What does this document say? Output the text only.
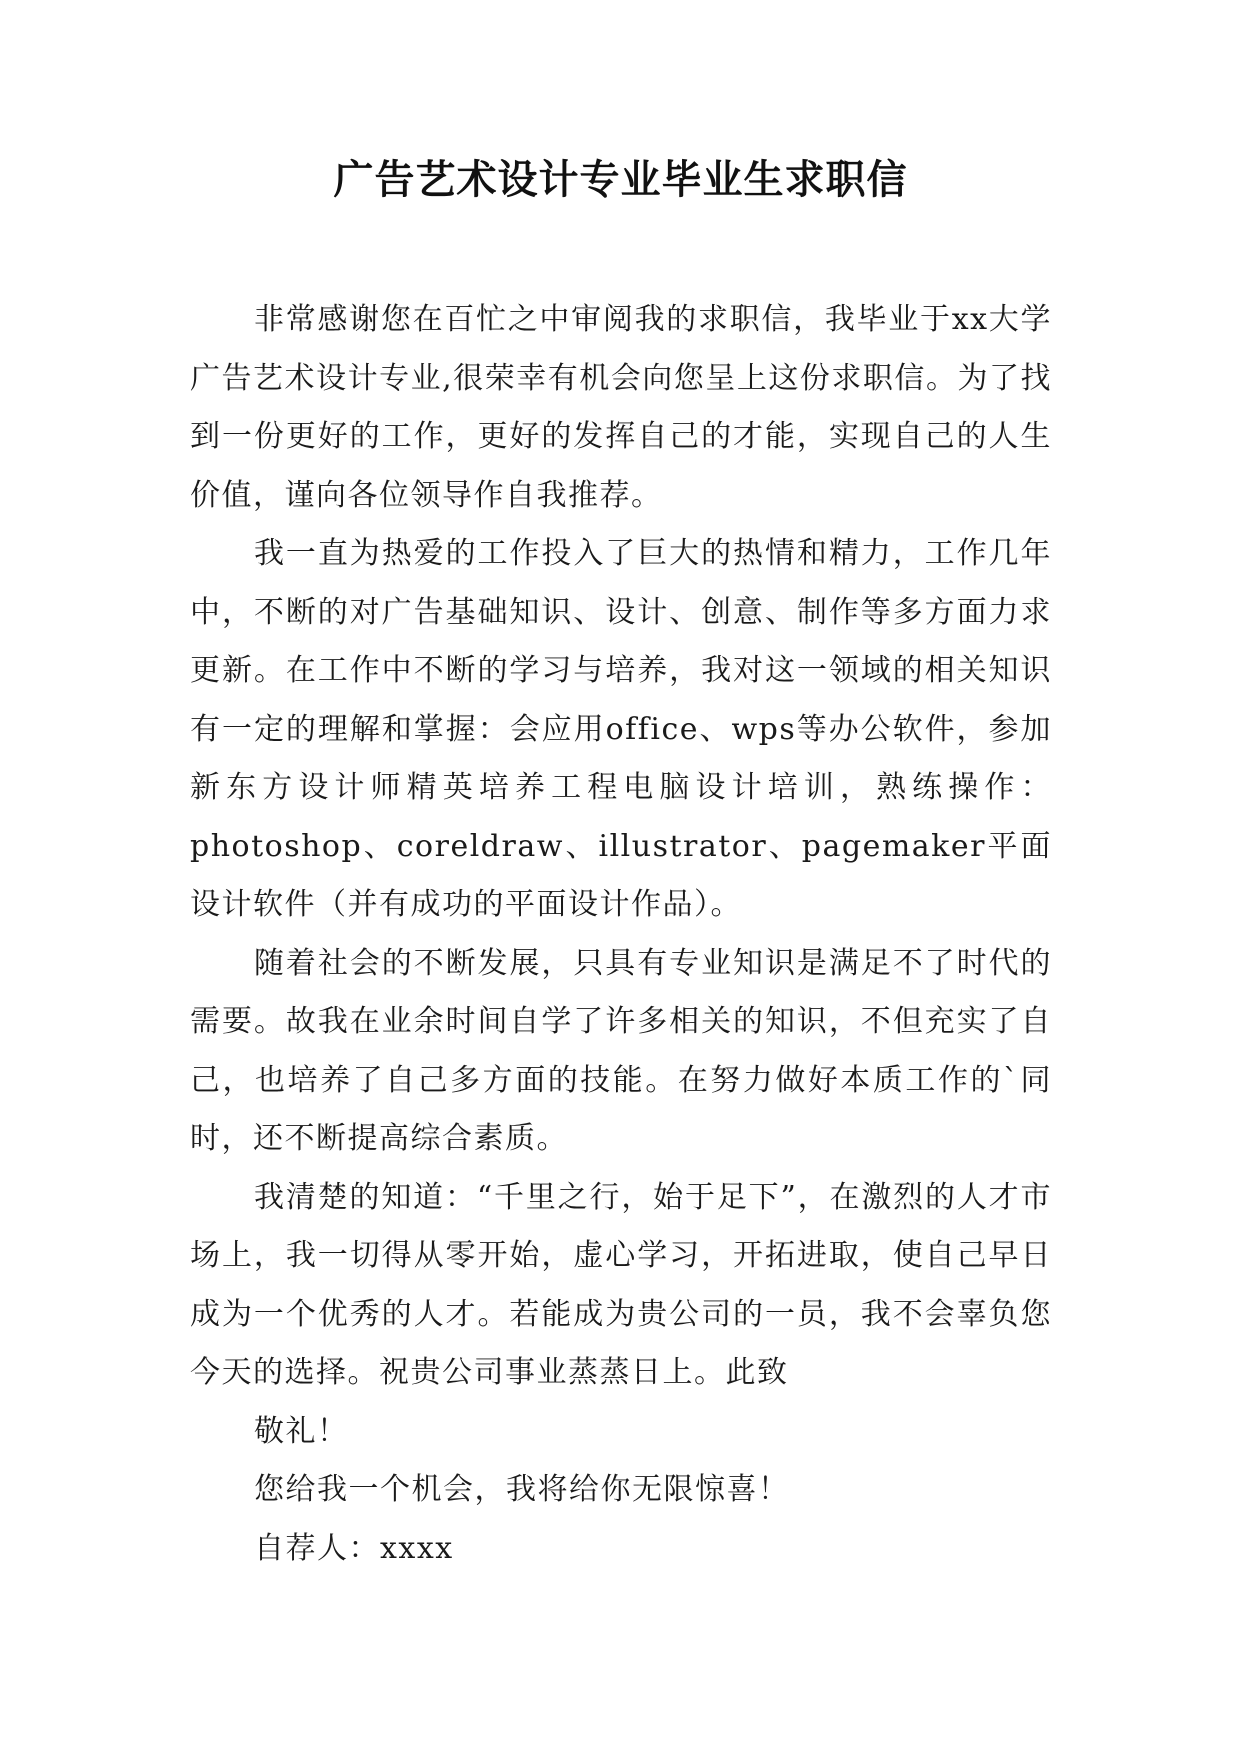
广告艺术设计专业毕业生求职信

非常感谢您在百忙之中审阅我的求职信，我毕业于xx大学广告艺术设计专业,很荣幸有机会向您呈上这份求职信。为了找到一份更好的工作，更好的发挥自己的才能，实现自己的人生价值，谨向各位领导作自我推荐。

我一直为热爱的工作投入了巨大的热情和精力，工作几年中，不断的对广告基础知识、设计、创意、制作等多方面力求更新。在工作中不断的学习与培养，我对这一领域的相关知识有一定的理解和掌握：会应用office、wps等办公软件，参加新东方设计师精英培养工程电脑设计培训，熟练操作：photoshop、coreldraw、illustrator、pagemaker平面设计软件（并有成功的平面设计作品）。

随着社会的不断发展，只具有专业知识是满足不了时代的需要。故我在业余时间自学了许多相关的知识，不但充实了自己，也培养了自己多方面的技能。在努力做好本质工作的`同时，还不断提高综合素质。

我清楚的知道：“千里之行，始于足下”，在激烈的人才市场上，我一切得从零开始，虚心学习，开拓进取，使自己早日成为一个优秀的人才。若能成为贵公司的一员，我不会辜负您今天的选择。祝贵公司事业蒸蒸日上。此致

敬礼！

您给我一个机会，我将给你无限惊喜！

自荐人：xxxx
